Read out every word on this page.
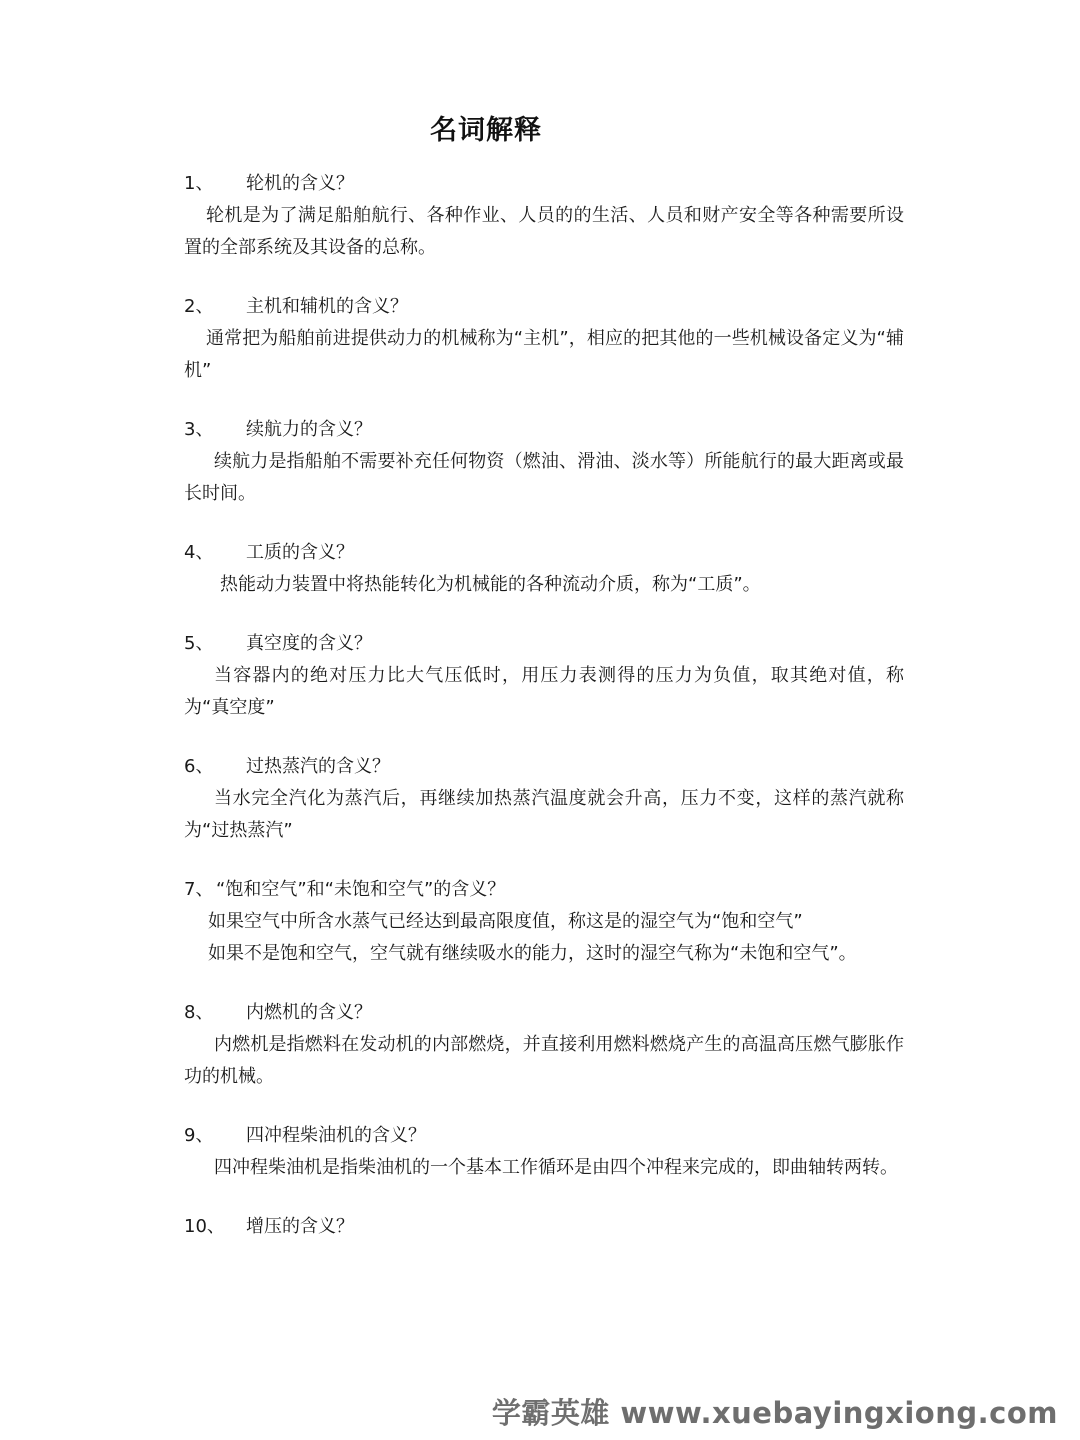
名词解释
1、	轮机的含义？

轮机是为了满足船舶航行、各种作业、人员的的生活、人员和财产安全等各种需要所设置的全部系统及其设备的总称。

2、	主机和辅机的含义？

通常把为船舶前进提供动力的机械称为“主机”，相应的把其他的一些机械设备定义为“辅机”

3、	续航力的含义？

续航力是指船舶不需要补充任何物资（燃油、滑油、淡水等）所能航行的最大距离或最长时间。

4、	工质的含义？

热能动力装置中将热能转化为机械能的各种流动介质，称为“工质”。

5、	真空度的含义？

当容器内的绝对压力比大气压低时，用压力表测得的压力为负值，取其绝对值，称为“真空度”

6、	过热蒸汽的含义？

当水完全汽化为蒸汽后，再继续加热蒸汽温度就会升高，压力不变，这样的蒸汽就称为“过热蒸汽”

7、 “饱和空气”和“未饱和空气”的含义？

如果空气中所含水蒸气已经达到最高限度值，称这是的湿空气为“饱和空气”

如果不是饱和空气，空气就有继续吸水的能力，这时的湿空气称为“未饱和空气”。

8、	内燃机的含义？

内燃机是指燃料在发动机的内部燃烧，并直接利用燃料燃烧产生的高温高压燃气膨胀作功的机械。

9、	四冲程柴油机的含义？

四冲程柴油机是指柴油机的一个基本工作循环是由四个冲程来完成的，即曲轴转两转。

10、	增压的含义？
学霸英雄 www.xuebayingxiong.com
